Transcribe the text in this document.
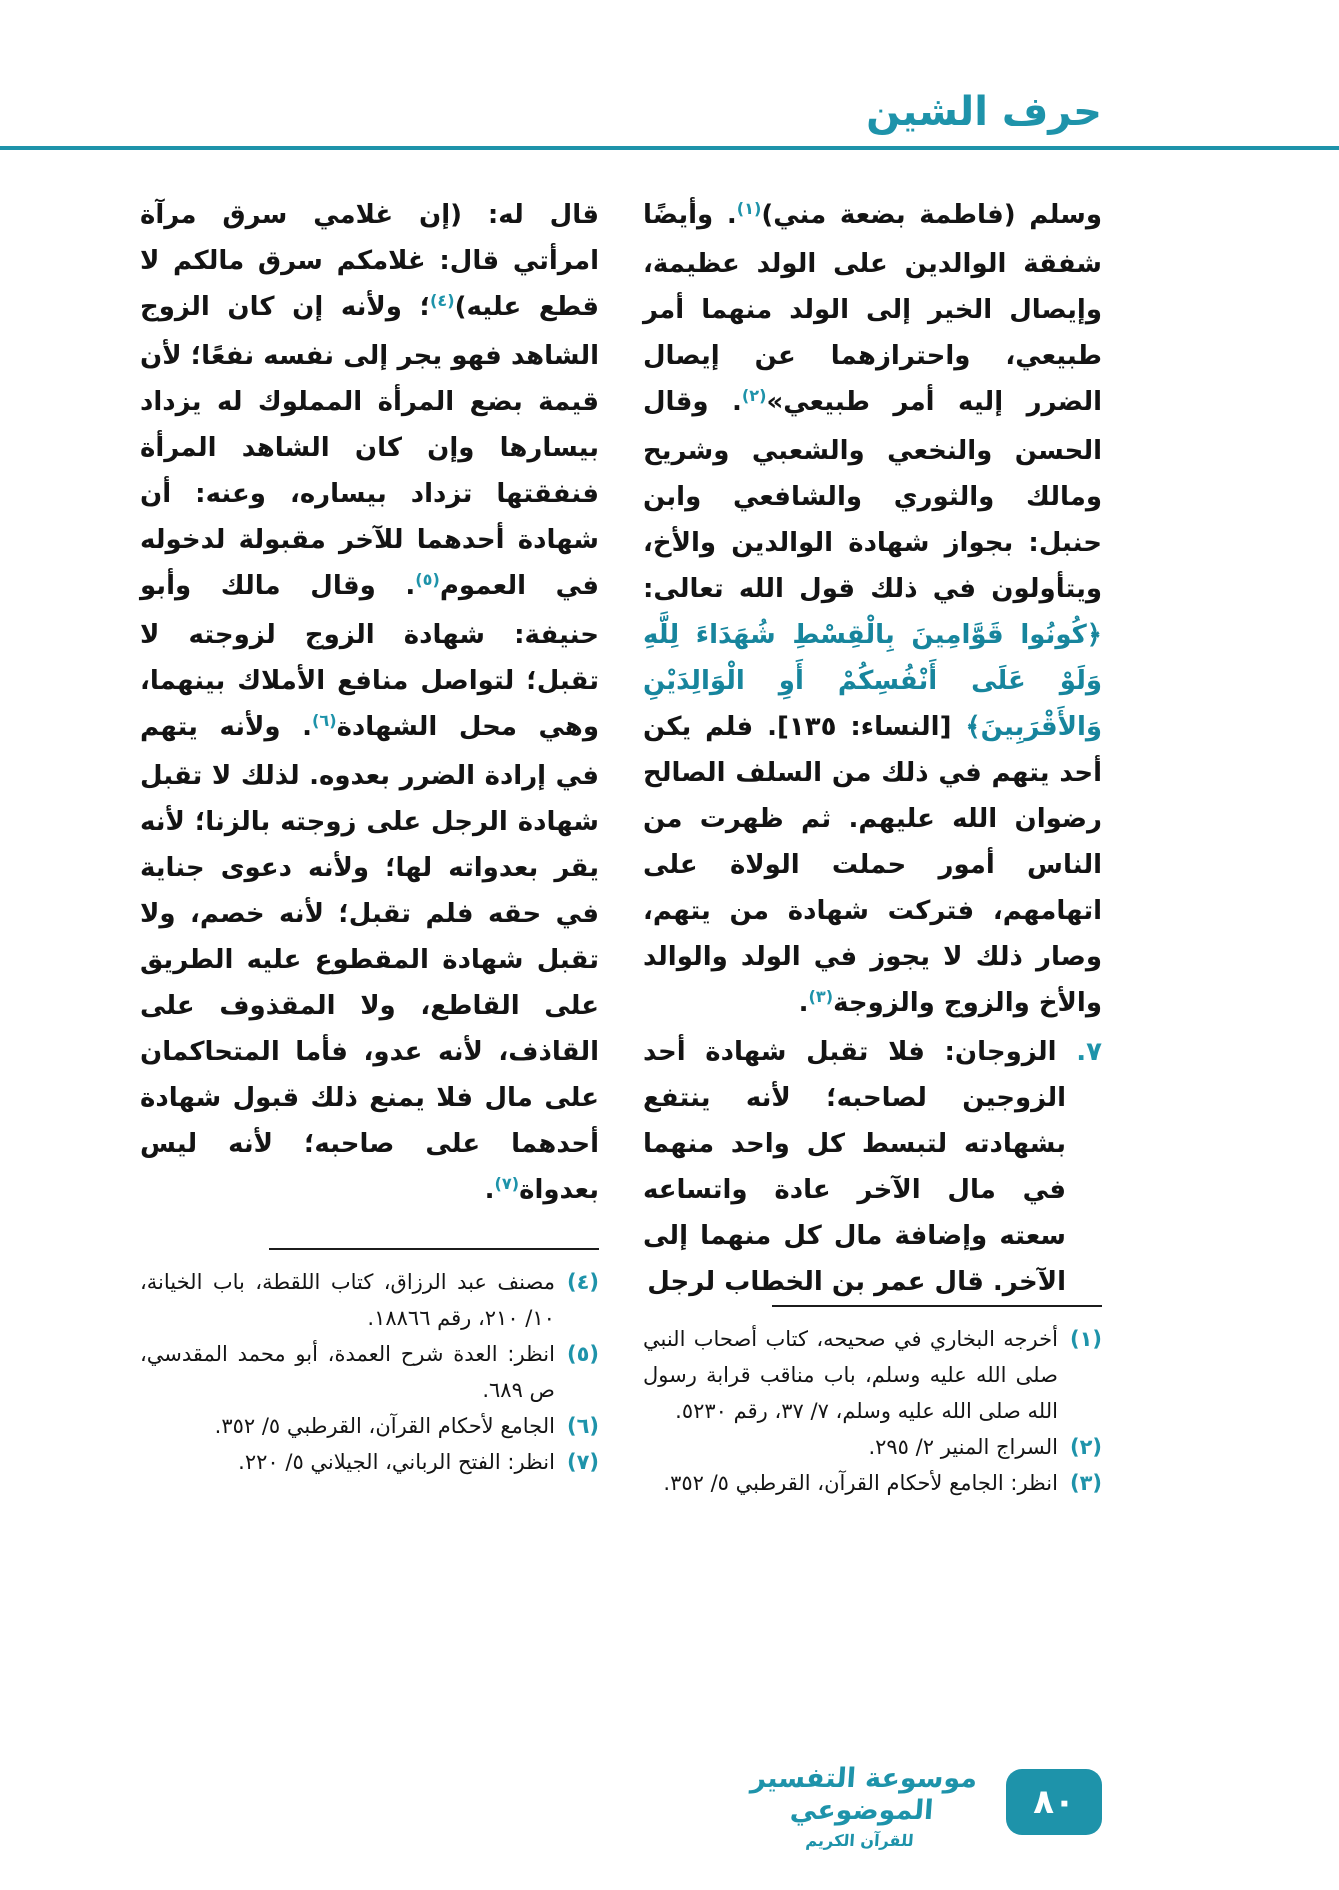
حرف الشين

وسلم (فاطمة بضعة مني)$^{(١)}$. وأيضًا شفقة الوالدين على الولد عظيمة، وإيصال الخير إلى الولد منهما أمر طبيعي، واحترازهما عن إيصال الضرر إليه أمر طبيعي»$^{(٢)}$. وقال الحسن والنخعي والشعبي وشريح ومالك والثوري والشافعي وابن حنبل: بجواز شهادة الوالدين والأخ، ويتأولون في ذلك قول الله تعالى: ﴿كُونُوا قَوَّامِينَ بِالْقِسْطِ شُهَدَاءَ لِلَّهِ وَلَوْ عَلَى أَنْفُسِكُمْ أَوِ الْوَالِدَيْنِ وَالأَقْرَبِينَ﴾ [النساء: ١٣٥]. فلم يكن أحد يتهم في ذلك من السلف الصالح رضوان الله عليهم. ثم ظهرت من الناس أمور حملت الولاة على اتهامهم، فتركت شهادة من يتهم، وصار ذلك لا يجوز في الولد والوالد والأخ والزوج والزوجة$^{(٣)}$.

٧. الزوجان: فلا تقبل شهادة أحد الزوجين لصاحبه؛ لأنه ينتفع بشهادته لتبسط كل واحد منهما في مال الآخر عادة واتساعه سعته وإضافة مال كل منهما إلى الآخر. قال عمر بن الخطاب لرجل

(١)
أخرجه البخاري في صحيحه، كتاب أصحاب النبي صلى الله عليه وسلم، باب مناقب قرابة رسول الله صلى الله عليه وسلم، ٧/ ٣٧، رقم ٥٢٣٠.
(٢)
السراج المنير ٢/ ٢٩٥.
(٣)
انظر: الجامع لأحكام القرآن، القرطبي ٥/ ٣٥٢.

قال له: (إن غلامي سرق مرآة امرأتي قال: غلامكم سرق مالكم لا قطع عليه)$^{(٤)}$؛ ولأنه إن كان الزوج الشاهد فهو يجر إلى نفسه نفعًا؛ لأن قيمة بضع المرأة المملوك له يزداد بيسارها وإن كان الشاهد المرأة فنفقتها تزداد بيساره، وعنه: أن شهادة أحدهما للآخر مقبولة لدخوله في العموم$^{(٥)}$. وقال مالك وأبو حنيفة: شهادة الزوج لزوجته لا تقبل؛ لتواصل منافع الأملاك بينهما، وهي محل الشهادة$^{(٦)}$. ولأنه يتهم في إرادة الضرر بعدوه. لذلك لا تقبل شهادة الرجل على زوجته بالزنا؛ لأنه يقر بعدواته لها؛ ولأنه دعوى جناية في حقه فلم تقبل؛ لأنه خصم، ولا تقبل شهادة المقطوع عليه الطريق على القاطع، ولا المقذوف على القاذف، لأنه عدو، فأما المتحاكمان على مال فلا يمنع ذلك قبول شهادة أحدهما على صاحبه؛ لأنه ليس بعدواة$^{(٧)}$.

(٤)
مصنف عبد الرزاق، كتاب اللقطة، باب الخيانة، ١٠/ ٢١٠، رقم ١٨٨٦٦.
(٥)
انظر: العدة شرح العمدة، أبو محمد المقدسي، ص ٦٨٩.
(٦)
الجامع لأحكام القرآن، القرطبي ٥/ ٣٥٢.
(٧)
انظر: الفتح الرباني، الجيلاني ٥/ ٢٢٠.
موسوعة التفسير الموضوعي
للقرآن الكريم
٨٠
